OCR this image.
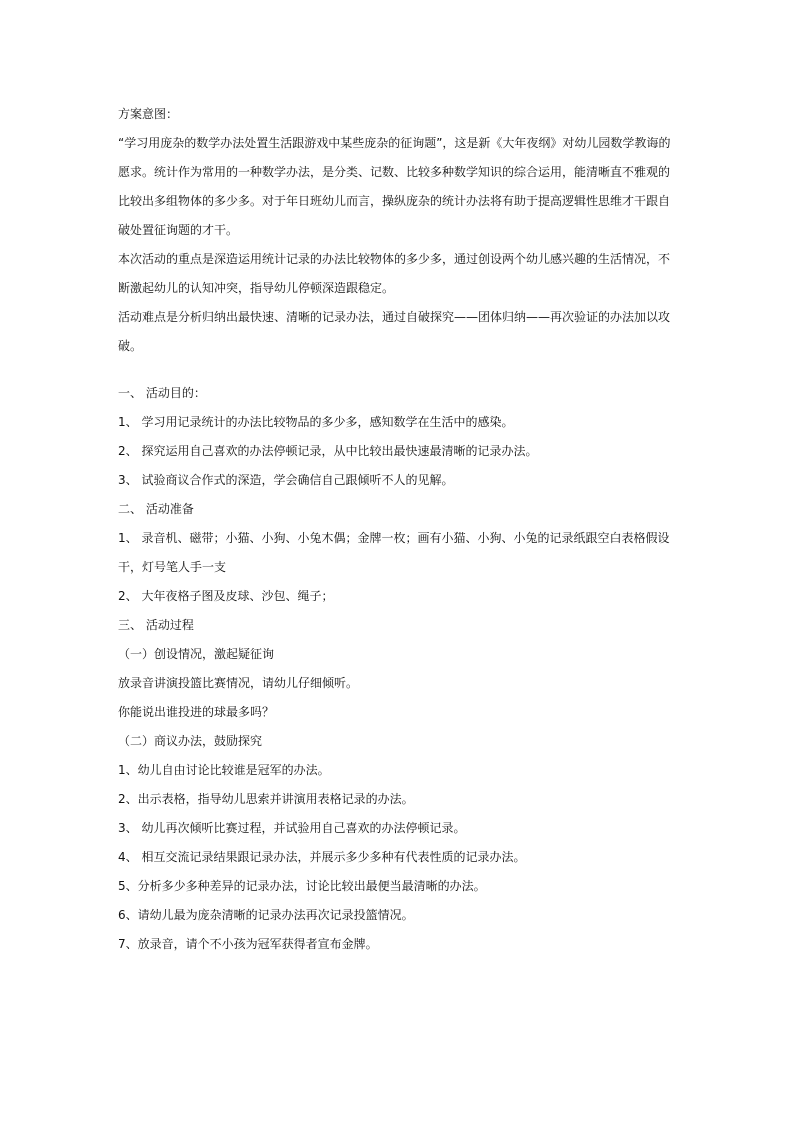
方案意图：
“学习用庞杂的数学办法处置生活跟游戏中某些庞杂的征询题”，这是新《大年夜纲》对幼儿园数学教诲的
愿求。统计作为常用的一种数学办法，是分类、记数、比较多种数学知识的综合运用，能清晰直不雅观的
比较出多组物体的多少多。对于年日班幼儿而言，操纵庞杂的统计办法将有助于提高逻辑性思维才干跟自
破处置征询题的才干。
本次活动的重点是深造运用统计记录的办法比较物体的多少多，通过创设两个幼儿感兴趣的生活情况，不
断激起幼儿的认知冲突，指导幼儿停顿深造跟稳定。
活动难点是分析归纳出最快速、清晰的记录办法，通过自破探究——团体归纳——再次验证的办法加以攻
破。
一、 活动目的：
1、 学习用记录统计的办法比较物品的多少多，感知数学在生活中的感染。
2、 探究运用自己喜欢的办法停顿记录，从中比较出最快速最清晰的记录办法。
3、 试验商议合作式的深造，学会确信自己跟倾听不人的见解。
二、 活动准备
1、 录音机、磁带；小猫、小狗、小兔木偶；金牌一枚；画有小猫、小狗、小兔的记录纸跟空白表格假设
干，灯号笔人手一支
2、 大年夜格子图及皮球、沙包、绳子；
三、 活动过程
（一）创设情况，激起疑征询
放录音讲演投篮比赛情况，请幼儿仔细倾听。
你能说出谁投进的球最多吗？
（二）商议办法，鼓励探究
1、幼儿自由讨论比较谁是冠军的办法。
2、出示表格，指导幼儿思索并讲演用表格记录的办法。
3、 幼儿再次倾听比赛过程，并试验用自己喜欢的办法停顿记录。
4、 相互交流记录结果跟记录办法，并展示多少多种有代表性质的记录办法。
5、分析多少多种差异的记录办法，讨论比较出最便当最清晰的办法。
6、请幼儿最为庞杂清晰的记录办法再次记录投篮情况。
7、放录音，请个不小孩为冠军获得者宣布金牌。
